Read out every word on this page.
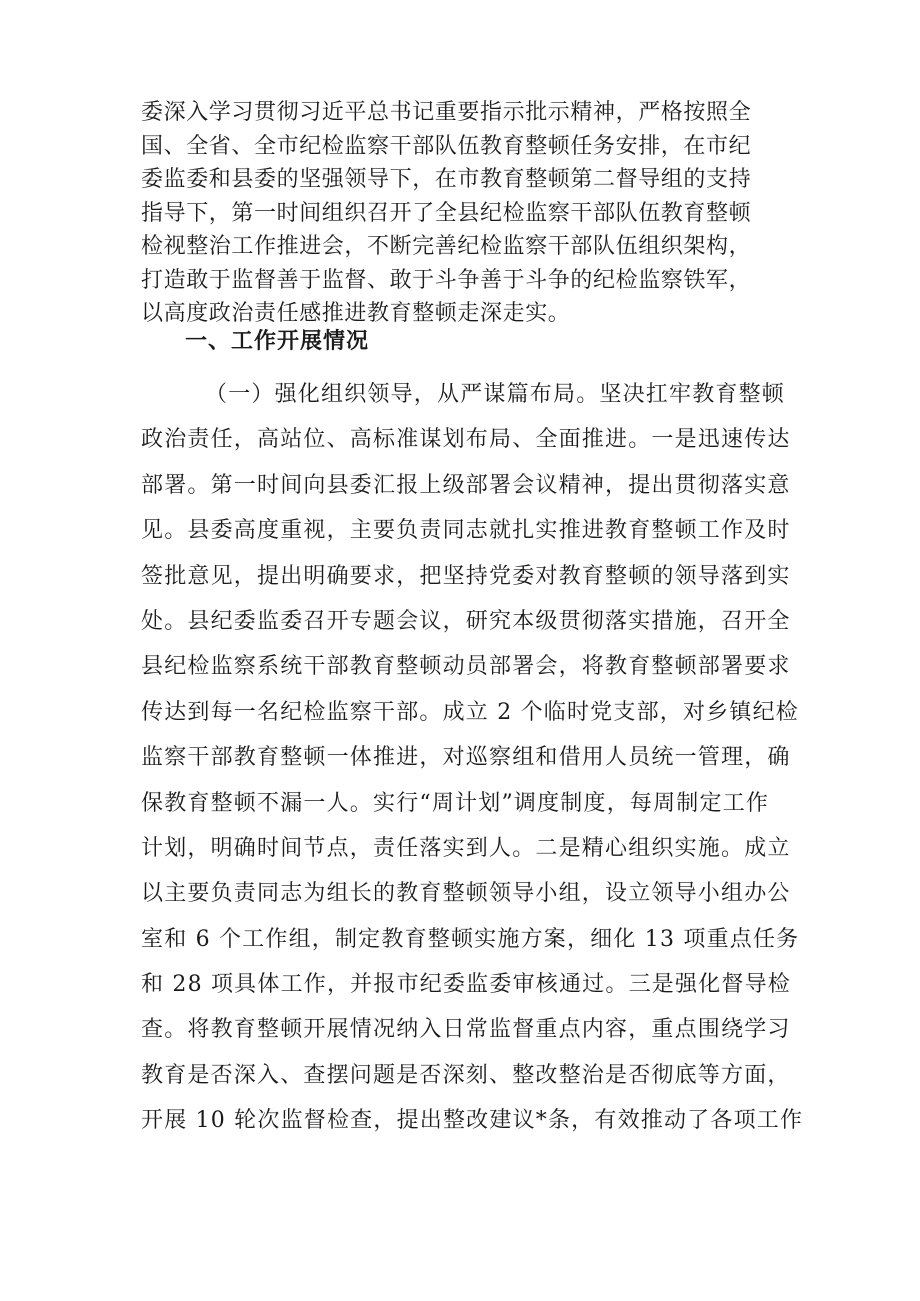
委深入学习贯彻习近平总书记重要指示批示精神，严格按照全
国、全省、全市纪检监察干部队伍教育整顿任务安排，在市纪
委监委和县委的坚强领导下，在市教育整顿第二督导组的支持
指导下，第一时间组织召开了全县纪检监察干部队伍教育整顿
检视整治工作推进会，不断完善纪检监察干部队伍组织架构，
打造敢于监督善于监督、敢于斗争善于斗争的纪检监察铁军，
以高度政治责任感推进教育整顿走深走实。
一、工作开展情况
（一）强化组织领导，从严谋篇布局。坚决扛牢教育整顿
政治责任，高站位、高标准谋划布局、全面推进。一是迅速传达
部署。第一时间向县委汇报上级部署会议精神，提出贯彻落实意
见。县委高度重视，主要负责同志就扎实推进教育整顿工作及时
签批意见，提出明确要求，把坚持党委对教育整顿的领导落到实
处。县纪委监委召开专题会议，研究本级贯彻落实措施，召开全
县纪检监察系统干部教育整顿动员部署会，将教育整顿部署要求
传达到每一名纪检监察干部。成立 2 个临时党支部，对乡镇纪检
监察干部教育整顿一体推进，对巡察组和借用人员统一管理，确
保教育整顿不漏一人。实行“周计划”调度制度，每周制定工作
计划，明确时间节点，责任落实到人。二是精心组织实施。成立
以主要负责同志为组长的教育整顿领导小组，设立领导小组办公
室和 6 个工作组，制定教育整顿实施方案，细化 13 项重点任务
和 28 项具体工作，并报市纪委监委审核通过。三是强化督导检
查。将教育整顿开展情况纳入日常监督重点内容，重点围绕学习
教育是否深入、查摆问题是否深刻、整改整治是否彻底等方面，
开展 10 轮次监督检查，提出整改建议*条，有效推动了各项工作
